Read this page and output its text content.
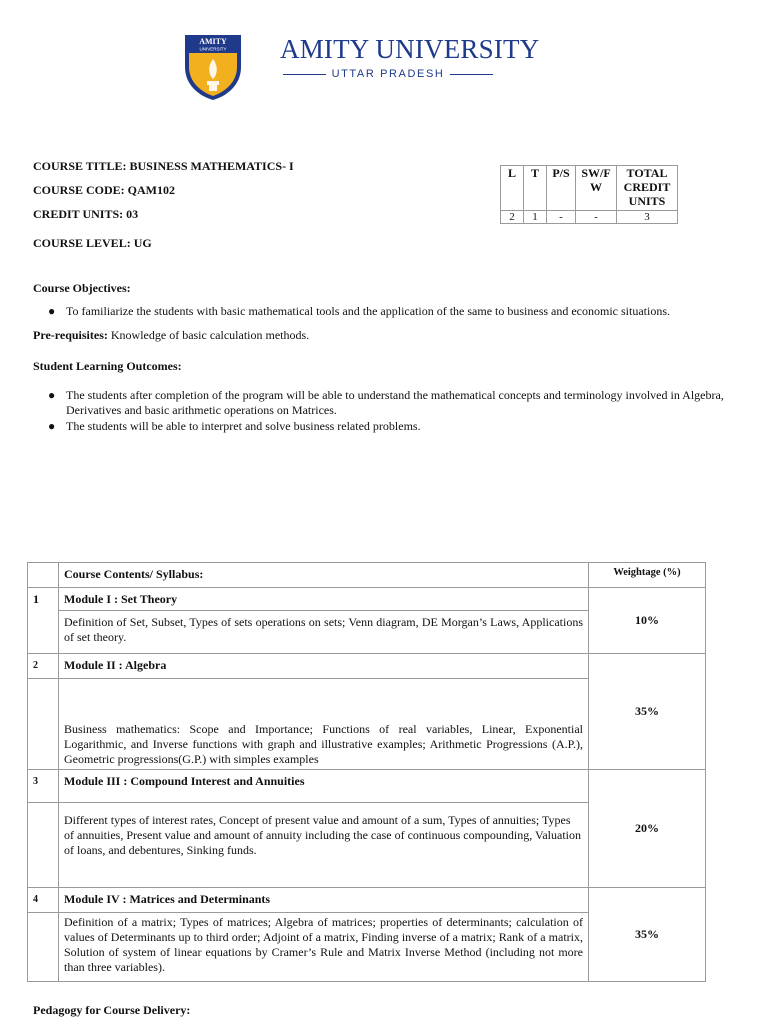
AMITY
UNIVERSITY AMITY UNIVERSITY
UTTAR PRADESH
COURSE TITLE: BUSINESS MATHEMATICS- I
COURSE CODE: QAM102
CREDIT UNITS: 03
COURSE LEVEL: UG
L	T	P/S	SW/F W	TOTAL CREDIT UNITS
2	1	-	-	3
Course Objectives:
● To familiarize the students with basic mathematical tools and the application of the same to business and economic situations.
Pre-requisites: Knowledge of basic calculation methods.
Student Learning Outcomes:
● The students after completion of the program will be able to understand the mathematical concepts and terminology involved in Algebra, Derivatives and basic arithmetic operations on Matrices.
● The students will be able to interpret and solve business related problems.
	Course Contents/ Syllabus:	Weightage (%)
1	Module I : Set Theory	10%
	Definition of Set, Subset, Types of sets operations on sets; Venn diagram, DE Morgan’s Laws, Applications of set theory.	
2	Module II : Algebra	35%
	Business mathematics: Scope and Importance; Functions of real variables, Linear, Exponential Logarithmic, and Inverse functions with graph and illustrative examples; Arithmetic Progressions (A.P.), Geometric progressions(G.P.) with simples examples	
3	Module III : Compound Interest and Annuities	20%
	Different types of interest rates, Concept of present value and amount of a sum, Types of annuities; Types of annuities, Present value and amount of annuity including the case of continuous compounding, Valuation of loans, and debentures, Sinking funds.	
4	Module IV : Matrices and Determinants	35%
	Definition of a matrix; Types of matrices; Algebra of matrices; properties of determinants; calculation of values of Determinants up to third order; Adjoint of a matrix, Finding inverse of a matrix; Rank of a matrix, Solution of system of linear equations by Cramer’s Rule and Matrix Inverse Method (including not more than three variables).	
Pedagogy for Course Delivery:
